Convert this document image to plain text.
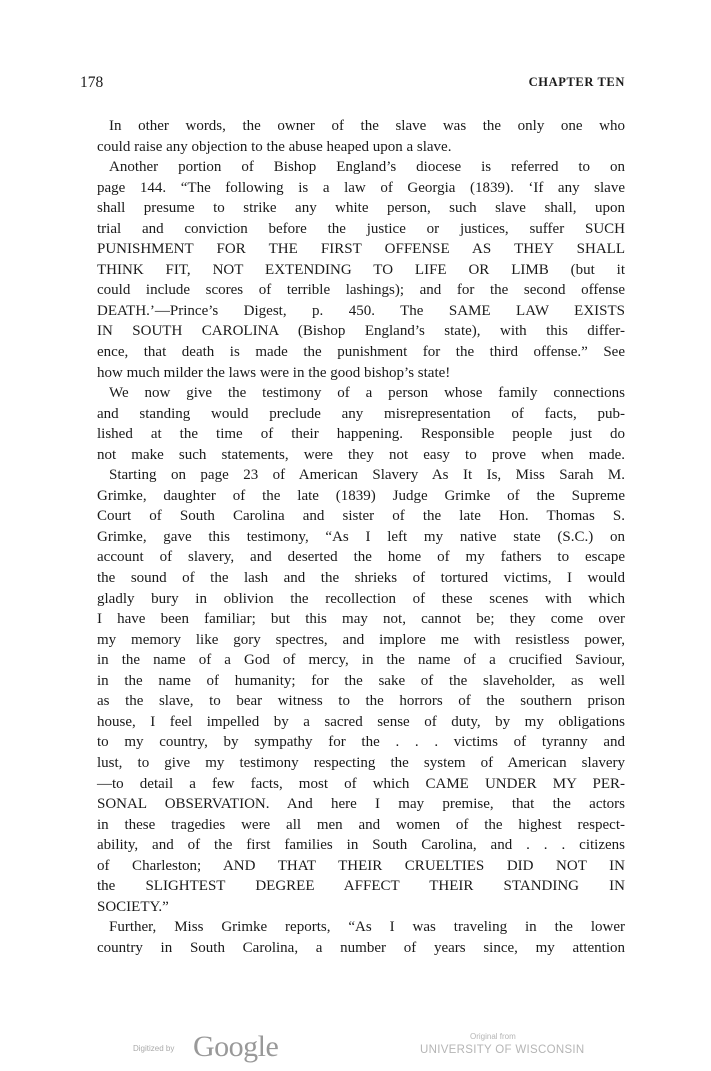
178	CHAPTER TEN
In other words, the owner of the slave was the only one who
could raise any objection to the abuse heaped upon a slave.
Another portion of Bishop England’s diocese is referred to on
page 144. “The following is a law of Georgia (1839). ‘If any slave
shall presume to strike any white person, such slave shall, upon
trial and conviction before the justice or justices, suffer SUCH
PUNISHMENT FOR THE FIRST OFFENSE AS THEY SHALL
THINK FIT, NOT EXTENDING TO LIFE OR LIMB (but it
could include scores of terrible lashings); and for the second offense
DEATH.’—Prince’s Digest, p. 450. The SAME LAW EXISTS
IN SOUTH CAROLINA (Bishop England’s state), with this differ-
ence, that death is made the punishment for the third offense.” See
how much milder the laws were in the good bishop’s state!
We now give the testimony of a person whose family connections
and standing would preclude any misrepresentation of facts, pub-
lished at the time of their happening. Responsible people just do
not make such statements, were they not easy to prove when made.
Starting on page 23 of American Slavery As It Is, Miss Sarah M.
Grimke, daughter of the late (1839) Judge Grimke of the Supreme
Court of South Carolina and sister of the late Hon. Thomas S.
Grimke, gave this testimony, “As I left my native state (S.C.) on
account of slavery, and deserted the home of my fathers to escape
the sound of the lash and the shrieks of tortured victims, I would
gladly bury in oblivion the recollection of these scenes with which
I have been familiar; but this may not, cannot be; they come over
my memory like gory spectres, and implore me with resistless power,
in the name of a God of mercy, in the name of a crucified Saviour,
in the name of humanity; for the sake of the slaveholder, as well
as the slave, to bear witness to the horrors of the southern prison
house, I feel impelled by a sacred sense of duty, by my obligations
to my country, by sympathy for the . . . victims of tyranny and
lust, to give my testimony respecting the system of American slavery
—to detail a few facts, most of which CAME UNDER MY PER-
SONAL OBSERVATION. And here I may premise, that the actors
in these tragedies were all men and women of the highest respect-
ability, and of the first families in South Carolina, and . . . citizens
of Charleston; AND THAT THEIR CRUELTIES DID NOT IN
the SLIGHTEST DEGREE AFFECT THEIR STANDING IN
SOCIETY.”
Further, Miss Grimke reports, “As I was traveling in the lower
country in South Carolina, a number of years since, my attention
Digitized by Google	Original from
UNIVERSITY OF WISCONSIN
